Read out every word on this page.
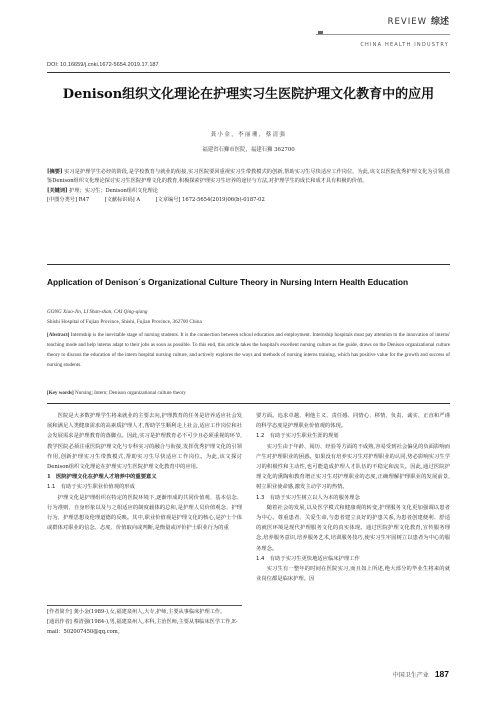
REVIEW 综述
CHINA HEALTH INDUSTRY
DOI: 10.16659/j.cnki.1672-5654.2019.17.187
Denison组织文化理论在护理实习生医院护理文化教育中的应用
龚小金，李丽珊，蔡清强
福建省石狮市医院，福建石狮 362700
[摘要] 实习是护理学生必经的阶段,是学校教育与就业的衔接,实习医院要回重视实习生带教模式的创新,帮助实习生尽快适应工作岗位。为此,该文以医院优秀护理文化为引领,借鉴Denison组织文化理论探讨实习生医院护理文化的教育,积极探索护理实习生培养的途径与方法,对护理学生的成长和成才具有积极的价值。
[关键词] 护理；实习生；Denison组织文化理论
[中图分类号] R47　　　[文献标识码] A　　　[文章编号] 1672-5654(2019)06(b)-0187-02
Application of Denison´s Organizational Culture Theory in Nursing Intern Health Education
GONG Xiao-Jin, LI Shan-shan, CAI Qing-qiang
Shishi Hospital of Fujian Province, Shishi, Fujian Province, 362700 China
[Abstract] Internship is the inevitable stage of nursing students. It is the connection between school education and employment. Internship hospitals must pay attention to the innovation of interns' teaching mode and help interns adapt to their jobs as soon as possible. To this end, this article takes the hospital's excellent nursing culture as the guide, draws on the Denison organizational culture theory to discuss the education of the intern hospital nursing culture, and actively explores the ways and methods of nursing interns training, which has positive value for the growth and success of nursing students.
[Key words] Nursing; Intern; Denison organizational culture theory

医院是大多数护理学生将来就业的主要去向,护理教育的任务是培养适应社会发展和满足人类健康需求的高素质护理人才,帮助学生顺利走上社会,适应工作岗位和社会发展需求是护理教育的落脚点。因此,实习是护理教育必不可少且必须重视的环节,教学医院必须注重医院护理文化与专科实习的融合与衔接,发挥优秀护理文化的引领作用,创新护理实习生带教模式,帮助实习生尽快适应工作岗位。为此,该文探讨Denison组织文化理论在护理实习生医院护理文化教育中的应用。

1　医院护理文化在护理人才培养中的重要意义

1.1　有助于实习生职业价值观的形成

护理文化是护理组织在特定的医院环境下,逐渐形成的共同价值观、基本信念、行为准则、自身形象以及与之相适应的制度载体的总和,是护理人员价值观念、护理行为、护理思想及伦理道德的反映。其中,职业价值观是护理文化的核心,是护士个体或群体对职业的信念、态度、价值取向或判断,是衡量或评价护士职业行为的重

[作者简介] 龚小金(1989-),女,福建泉州人,大专,护师,主要从事临床护理工作。

[通讯作者] 蔡清强(1984-),男,福建泉州人,本科,主治医师,主要从事临床医学工作,E-mail：502007450@qq.com。

要方面。追求卓越、利他主义、责任感、同情心、移情、负责、诚实、正直和严谨的科学态度是护理职业价值观的体现。

1.2　有助于实习生职业生涯的规划

实习生由于年龄、阅历、经验等方面的不成熟,容易受到社会偏见的负面影响而产生对护理职业的困惑。如果没有培养实习生对护理职业的认同,势必影响实习生学习的积极性和主动性,也可能造成护理人才队伍的不稳定和流失。因此,通过医院护理文化的熏陶和教育增正实习生对护理职业的态度,正确理解护理职业的发展前景,树立职业使命感,激发主动学习的热情。

1.3　有助于实习生树立以人为本的服务理念

随着社会的发展,以及医学模式和健康观的转变,护理服务文化更加强调以患者为中心。尊重患者、关爱生命,与患者建立良好的护患关系,为患者创建便利、舒适的就医环境是现代护理服务文化的真实体现。通过医院护理文化教育,宣传服务理念,培养服务意识,培养服务艺术,培训服务技巧,使实习生牢固树立以患者为中心的服务理念。

1.4　有助于实习生更快地适应临床护理工作

实习生有一整年的时间在医院实习,而且如上所述,绝大部分的毕业生将来的就业岗位都是临床护理。因

中国卫生产业 187
